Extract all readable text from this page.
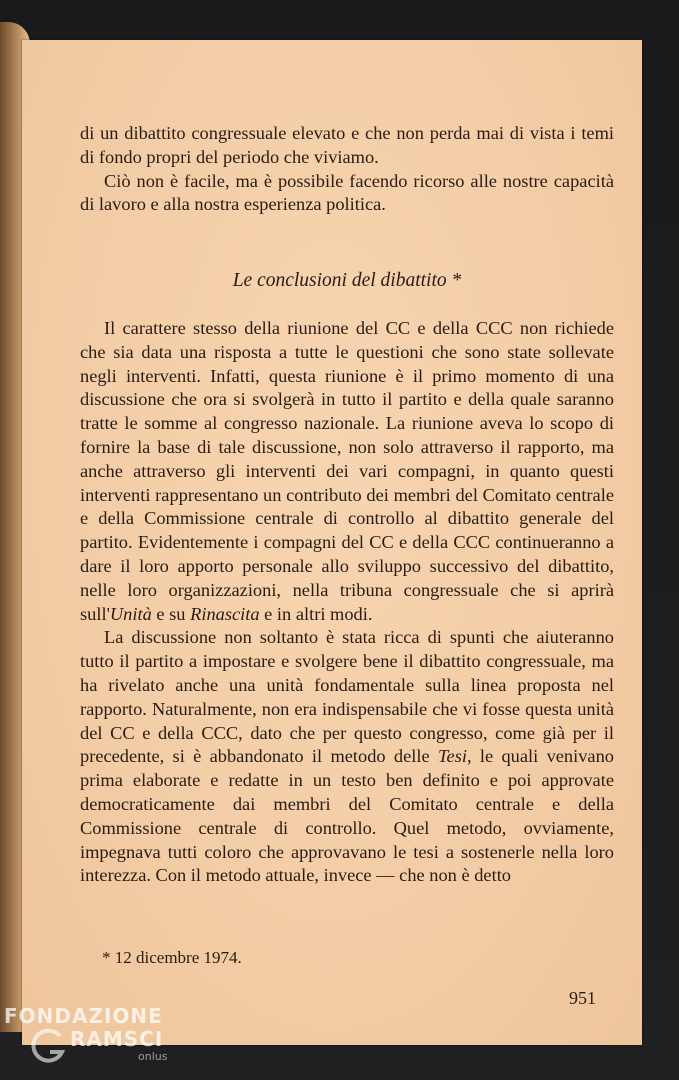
di un dibattito congressuale elevato e che non perda mai di vista i temi di fondo propri del periodo che viviamo.

Ciò non è facile, ma è possibile facendo ricorso alle nostre capacità di lavoro e alla nostra esperienza politica.

Le conclusioni del dibattito *

Il carattere stesso della riunione del CC e della CCC non richiede che sia data una risposta a tutte le questioni che sono state sollevate negli interventi. Infatti, questa riunione è il primo momento di una discussione che ora si svolgerà in tutto il partito e della quale saranno tratte le somme al congresso nazionale. La riunione aveva lo scopo di fornire la base di tale discussione, non solo attraverso il rapporto, ma anche attraverso gli interventi dei vari compagni, in quanto questi interventi rappresentano un contributo dei membri del Comitato centrale e della Commissione centrale di controllo al dibattito generale del partito. Evidentemente i compagni del CC e della CCC continueranno a dare il loro apporto personale allo sviluppo successivo del dibattito, nelle loro organizzazioni, nella tribuna congressuale che si aprirà sull'Unità e su Rinascita e in altri modi.

La discussione non soltanto è stata ricca di spunti che aiuteranno tutto il partito a impostare e svolgere bene il dibattito congressuale, ma ha rivelato anche una unità fondamentale sulla linea proposta nel rapporto. Naturalmente, non era indispensabile che vi fosse questa unità del CC e della CCC, dato che per questo congresso, come già per il precedente, si è abbandonato il metodo delle Tesi, le quali venivano prima elaborate e redatte in un testo ben definito e poi approvate democraticamente dai membri del Comitato centrale e della Commissione centrale di controllo. Quel metodo, ovviamente, impegnava tutti coloro che approvavano le tesi a sostenerle nella loro interezza. Con il metodo attuale, invece — che non è detto

* 12 dicembre 1974.
951
FONDAZIONE
RAMSCI
onlus
